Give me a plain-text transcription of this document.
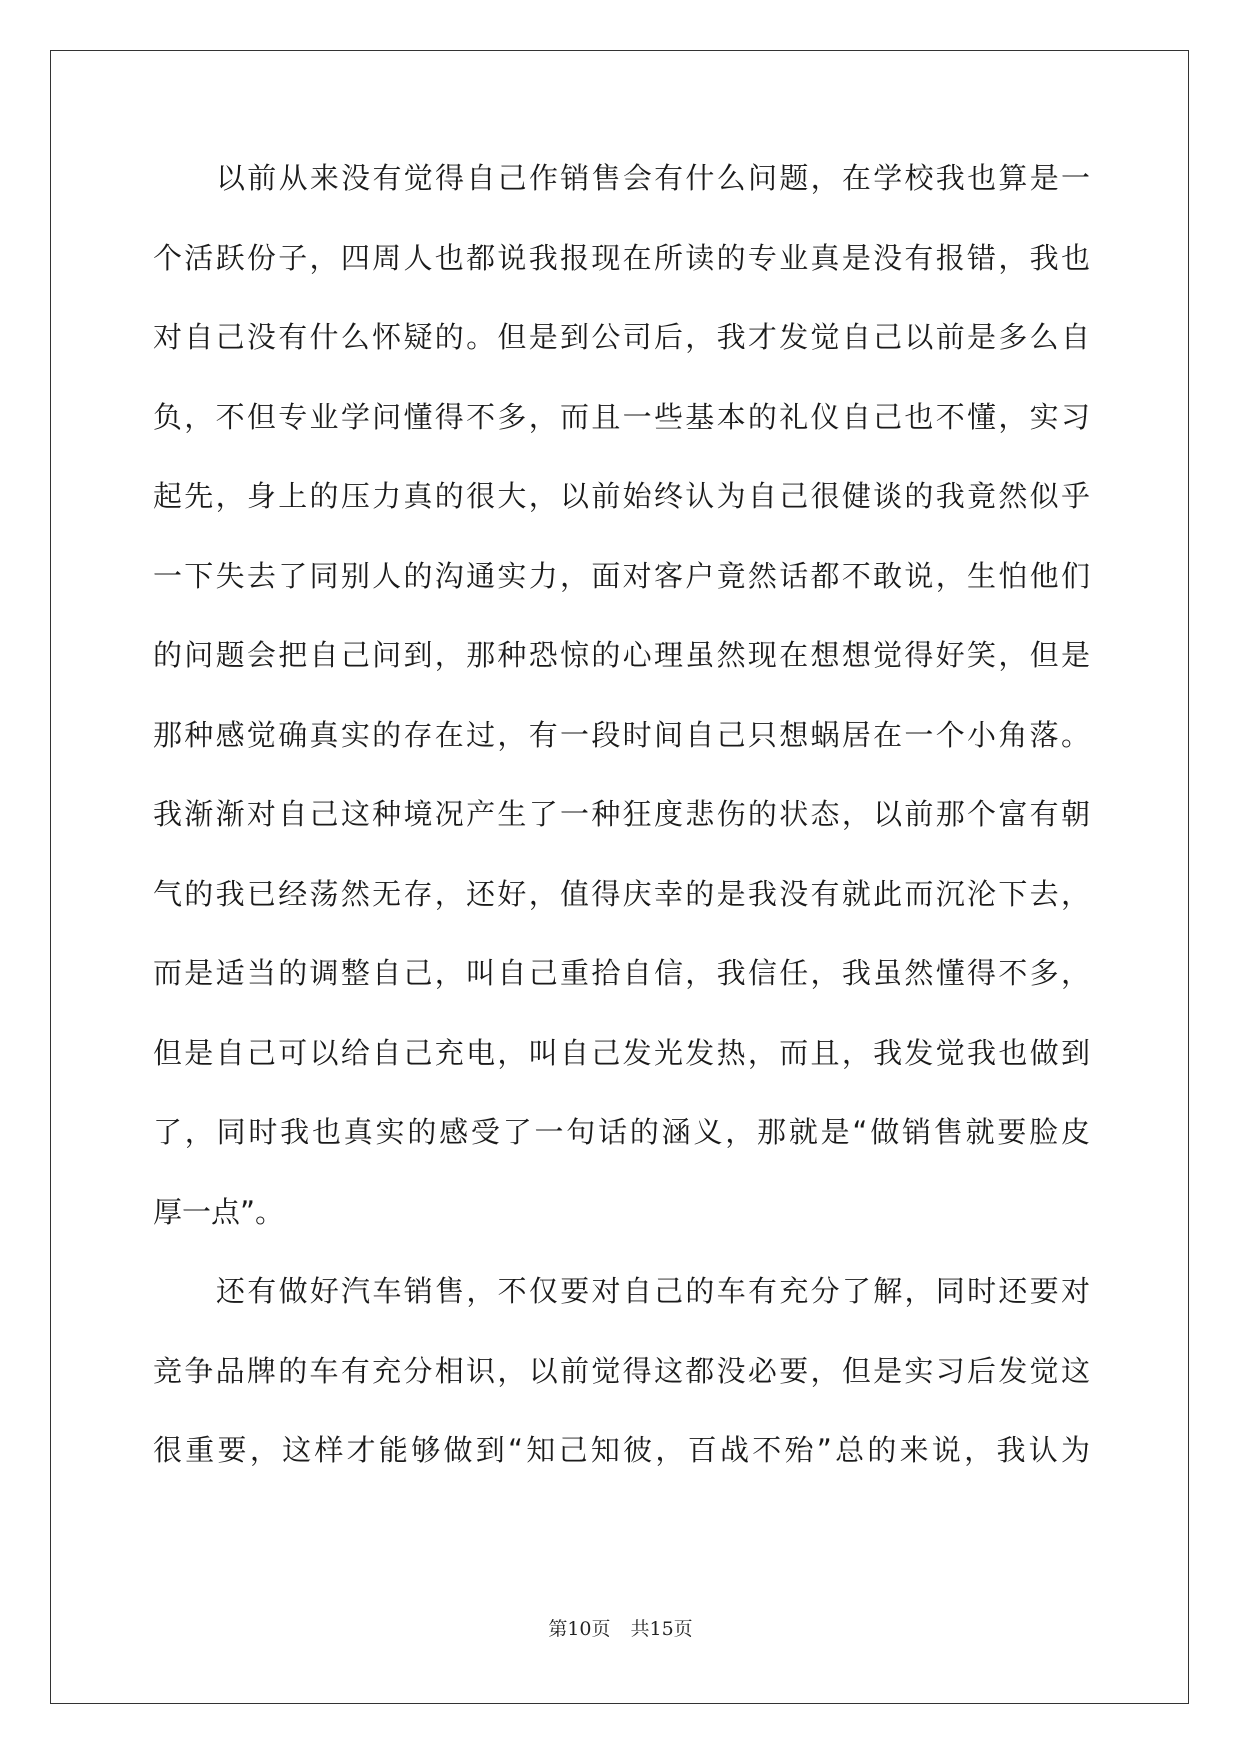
以前从来没有觉得自己作销售会有什么问题，在学校我也算是一
个活跃份子，四周人也都说我报现在所读的专业真是没有报错，我也
对自己没有什么怀疑的。但是到公司后，我才发觉自己以前是多么自
负，不但专业学问懂得不多，而且一些基本的礼仪自己也不懂，实习
起先，身上的压力真的很大，以前始终认为自己很健谈的我竟然似乎
一下失去了同别人的沟通实力，面对客户竟然话都不敢说，生怕他们
的问题会把自己问到，那种恐惊的心理虽然现在想想觉得好笑，但是
那种感觉确真实的存在过，有一段时间自己只想蜗居在一个小角落。
我渐渐对自己这种境况产生了一种狂度悲伤的状态，以前那个富有朝
气的我已经荡然无存，还好，值得庆幸的是我没有就此而沉沦下去，
而是适当的调整自己，叫自己重拾自信，我信任，我虽然懂得不多，
但是自己可以给自己充电，叫自己发光发热，而且，我发觉我也做到
了，同时我也真实的感受了一句话的涵义，那就是“做销售就要脸皮
厚一点”。
还有做好汽车销售，不仅要对自己的车有充分了解，同时还要对
竞争品牌的车有充分相识，以前觉得这都没必要，但是实习后发觉这
很重要，这样才能够做到“知己知彼，百战不殆”总的来说，我认为
第10页 共15页
